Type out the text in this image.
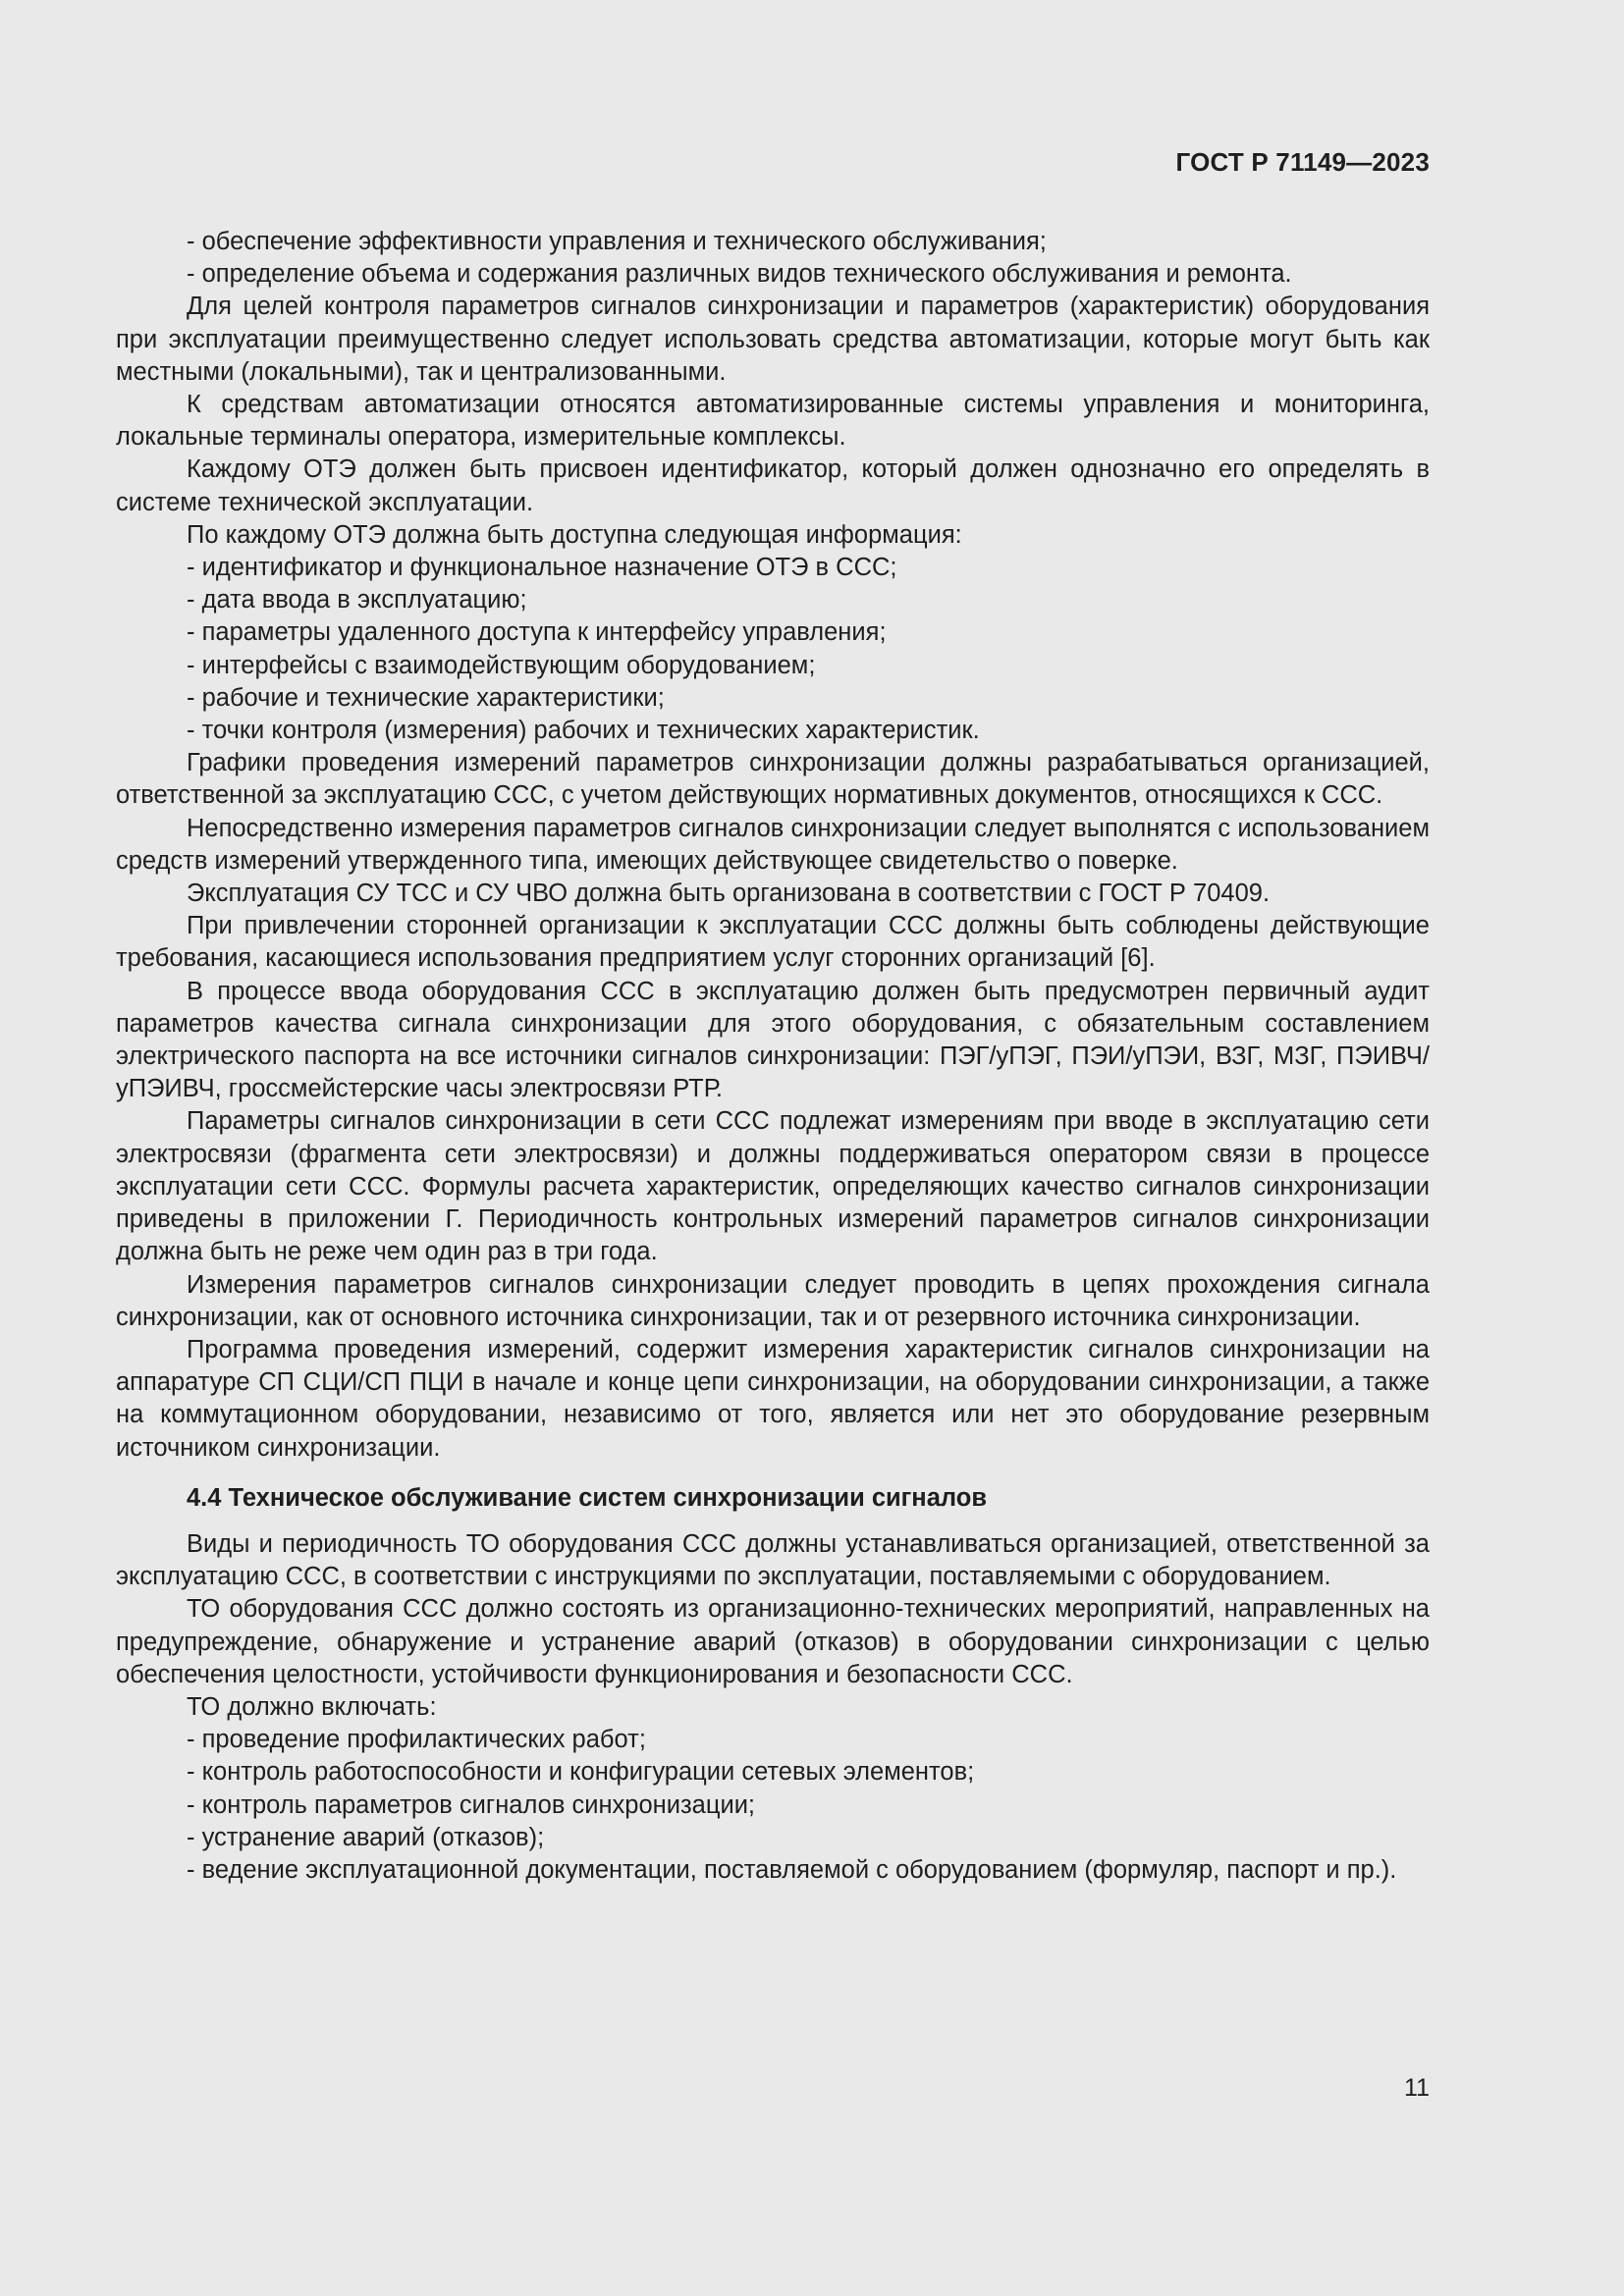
ГОСТ Р 71149—2023

- обеспечение эффективности управления и технического обслуживания;

- определение объема и содержания различных видов технического обслуживания и ремонта.

Для целей контроля параметров сигналов синхронизации и параметров (характеристик) оборудования при эксплуатации преимущественно следует использовать средства автоматизации, которые могут быть как местными (локальными), так и централизованными.

К средствам автоматизации относятся автоматизированные системы управления и мониторинга, локальные терминалы оператора, измерительные комплексы.

Каждому ОТЭ должен быть присвоен идентификатор, который должен однозначно его определять в системе технической эксплуатации.

По каждому ОТЭ должна быть доступна следующая информация:

- идентификатор и функциональное назначение ОТЭ в ССС;

- дата ввода в эксплуатацию;

- параметры удаленного доступа к интерфейсу управления;

- интерфейсы с взаимодействующим оборудованием;

- рабочие и технические характеристики;

- точки контроля (измерения) рабочих и технических характеристик.

Графики проведения измерений параметров синхронизации должны разрабатываться организацией, ответственной за эксплуатацию ССС, с учетом действующих нормативных документов, относящихся к ССС.

Непосредственно измерения параметров сигналов синхронизации следует выполнятся с использованием средств измерений утвержденного типа, имеющих действующее свидетельство о поверке.

Эксплуатация СУ ТСС и СУ ЧВО должна быть организована в соответствии с ГОСТ Р 70409.

При привлечении сторонней организации к эксплуатации ССС должны быть соблюдены действующие требования, касающиеся использования предприятием услуг сторонних организаций [6].

В процессе ввода оборудования ССС в эксплуатацию должен быть предусмотрен первичный аудит параметров качества сигнала синхронизации для этого оборудования, с обязательным составлением электрического паспорта на все источники сигналов синхронизации: ПЭГ/уПЭГ, ПЭИ/уПЭИ, ВЗГ, МЗГ, ПЭИВЧ/уПЭИВЧ, гроссмейстерские часы электросвязи РТР.

Параметры сигналов синхронизации в сети ССС подлежат измерениям при вводе в эксплуатацию сети электросвязи (фрагмента сети электросвязи) и должны поддерживаться оператором связи в процессе эксплуатации сети ССС. Формулы расчета характеристик, определяющих качество сигналов синхронизации приведены в приложении Г. Периодичность контрольных измерений параметров сигналов синхронизации должна быть не реже чем один раз в три года.

Измерения параметров сигналов синхронизации следует проводить в цепях прохождения сигнала синхронизации, как от основного источника синхронизации, так и от резервного источника синхронизации.

Программа проведения измерений, содержит измерения характеристик сигналов синхронизации на аппаратуре СП СЦИ/СП ПЦИ в начале и конце цепи синхронизации, на оборудовании синхронизации, а также на коммутационном оборудовании, независимо от того, является или нет это оборудование резервным источником синхронизации.

4.4 Техническое обслуживание систем синхронизации сигналов

Виды и периодичность ТО оборудования ССС должны устанавливаться организацией, ответственной за эксплуатацию ССС, в соответствии с инструкциями по эксплуатации, поставляемыми с оборудованием.

ТО оборудования ССС должно состоять из организационно-технических мероприятий, направленных на предупреждение, обнаружение и устранение аварий (отказов) в оборудовании синхронизации с целью обеспечения целостности, устойчивости функционирования и безопасности ССС.

ТО должно включать:

- проведение профилактических работ;

- контроль работоспособности и конфигурации сетевых элементов;

- контроль параметров сигналов синхронизации;

- устранение аварий (отказов);

- ведение эксплуатационной документации, поставляемой с оборудованием (формуляр, паспорт и пр.).

11
